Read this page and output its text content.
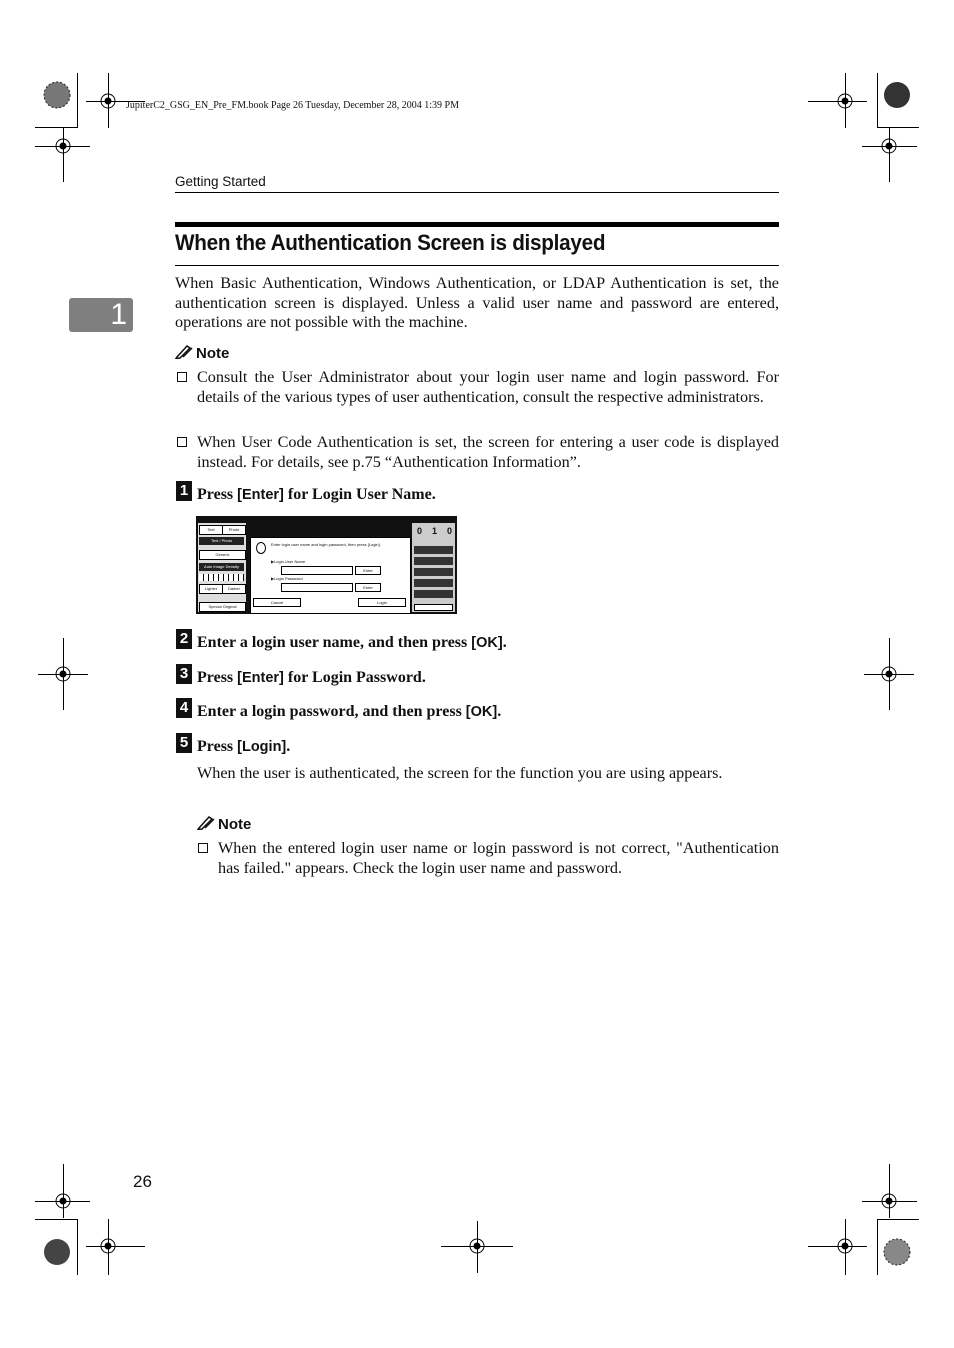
JupiterC2_GSG_EN_Pre_FM.book Page 26 Tuesday, December 28, 2004 1:39 PM
Getting Started
1
When the Authentication Screen is displayed
When Basic Authentication, Windows Authentication, or LDAP Authentication is set, the authentication screen is displayed. Unless a valid user name and password are entered, operations are not possible with the machine.
Note
Consult the User Administrator about your login user name and login password. For details of the various types of user authentication, consult the respective administrators.
When User Code Authentication is set, the screen for entering a user code is displayed instead. For details, see p.75 “Authentication Information”.
1 Press [Enter] for Login User Name.
Text	Photo
Text / Photo
Generic
Auto Image Density
Lighter	Darker
Special Original
Enter login user name and login password, then press [Login].
▶Login User Name
Enter
▶Login Password
Enter
Cancel	Login
0 1 0
2 Enter a login user name, and then press [OK].
3 Press [Enter] for Login Password.
4 Enter a login password, and then press [OK].
5 Press [Login].
When the user is authenticated, the screen for the function you are using appears.
Note
When the entered login user name or login password is not correct, "Authentication has failed." appears. Check the login user name and password.
26
